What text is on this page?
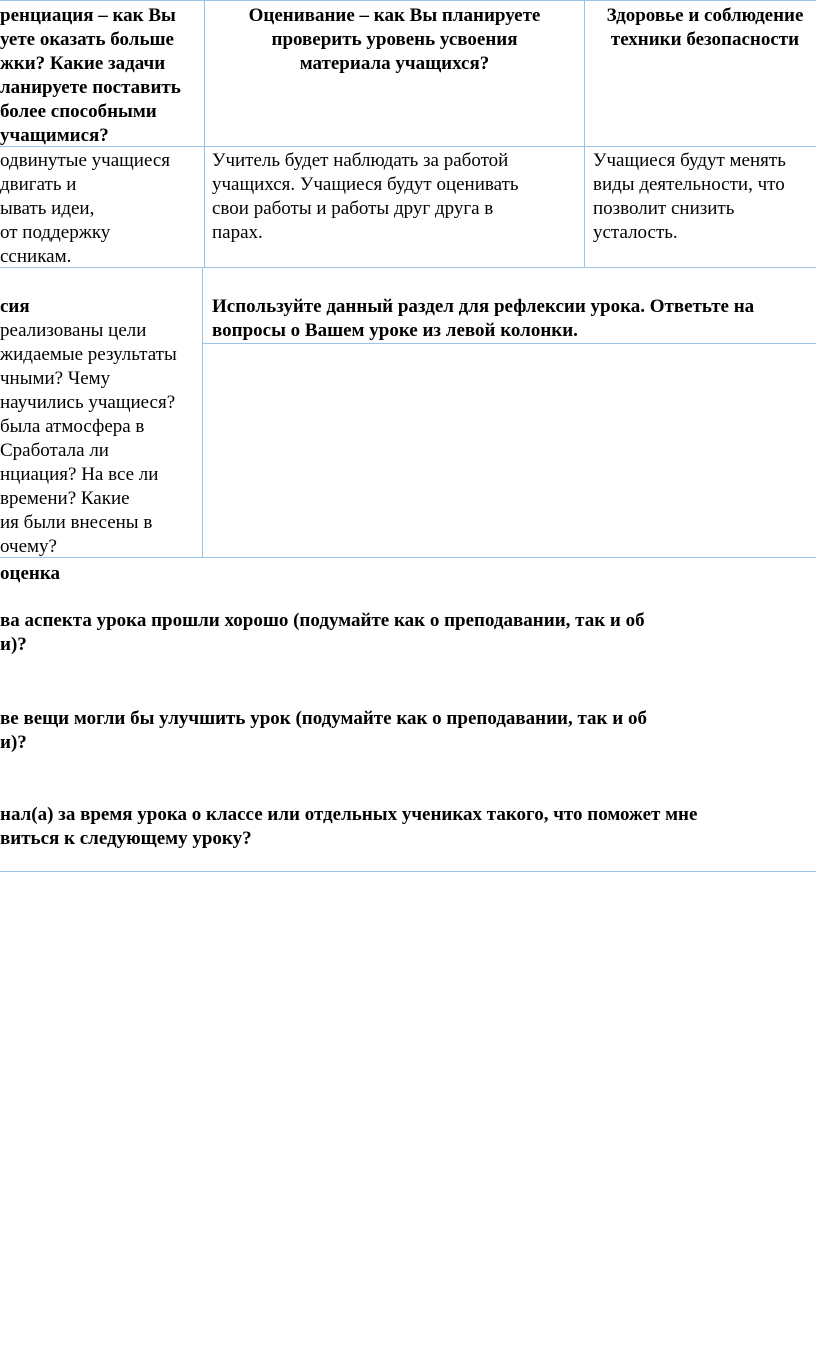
ренциация – как Вы
уете оказать больше
жки? Какие задачи
ланируете поставить
более способными
учащимися?

Оценивание – как Вы планируете
проверить уровень усвоения
материала учащихся?

Здоровье и соблюдение
техники безопасности

одвинутые учащиеся
двигать и
ывать идеи,
от поддержку
ссникам.

Учитель будет наблюдать за работой
учащихся. Учащиеся будут оценивать
свои работы и работы друг друга в
парах.

Учащиеся будут менять
виды деятельности, что
позволит снизить
усталость.

сия

реализованы цели
жидаемые результаты
чными? Чему
научились учащиеся?
была атмосфера в
Сработала ли
нциация? На все ли
времени? Какие
ия были внесены в
очему?

Используйте данный раздел для рефлексии урока. Ответьте на
вопросы о Вашем уроке из левой колонки.

оценка

ва аспекта урока прошли хорошо (подумайте как о преподавании, так и об
и)?

ве вещи могли бы улучшить урок (подумайте как о преподавании, так и об
и)?

нал(а) за время урока о классе или отдельных учениках такого, что поможет мне
виться к следующему уроку?
